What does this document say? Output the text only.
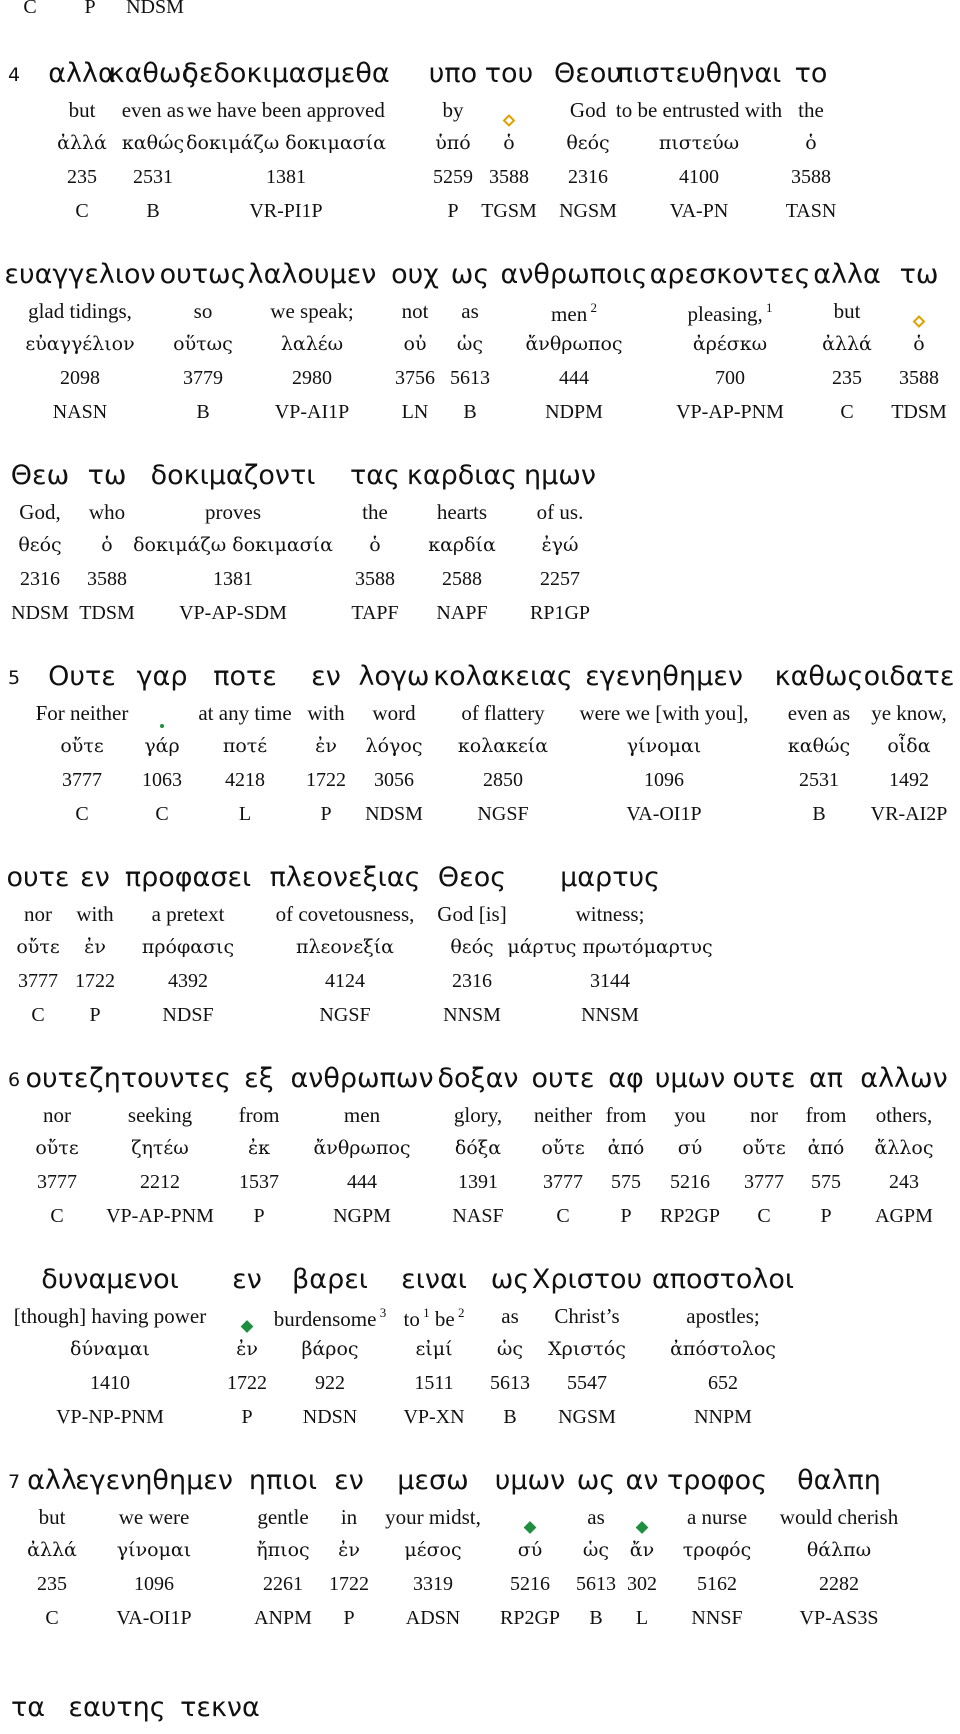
C P NDSM
4 αλλα
but
ἀλλά
235
C
καθως
even as
καθώς
2531
B
δεδοκιμασμεθα
we have been approved
δοκιμάζω δοκιμασία
1381
VR-PI1P
υπο
by
ὑπό
5259
P
του
ὁ
3588
TGSM
Θεου
God
θεός
2316
NGSM
πιστευθηναι
to be entrusted with
πιστεύω
4100
VA-PN
το
the
ὁ
3588
TASN
ευαγγελιον
glad tidings,
εὐαγγέλιον
2098
NASN
ουτως
so
οὕτως
3779
B
λαλουμεν
we speak;
λαλέω
2980
VP-AI1P
ουχ
not
οὐ
3756
LN
ως
as
ὡς
5613
B
ανθρωποις
men $^2$
ἄνθρωπος
444
NDPM
αρεσκοντες
pleasing, $^1$
ἀρέσκω
700
VP-AP-PNM
αλλα
but
ἀλλά
235
C
τω
ὁ
3588
TDSM
Θεω
God,
θεός
2316
NDSM
τω
who
ὁ
3588
TDSM
δοκιμαζοντι
proves
δοκιμάζω δοκιμασία
1381
VP-AP-SDM
τας
the
ὁ
3588
TAPF
καρδιας
hearts
καρδία
2588
NAPF
ημων
of us.
ἐγώ
2257
RP1GP
5 Ουτε
For neither
οὔτε
3777
C
γαρ
γάρ
1063
C
ποτε
at any time
ποτέ
4218
L
εν
with
ἐν
1722
P
λογω
word
λόγος
3056
NDSM
κολακειας
of flattery
κολακεία
2850
NGSF
εγενηθημεν
were we [with you],
γίνομαι
1096
VA-OI1P
καθως
even as
καθώς
2531
B
οιδατε
ye know,
οἶδα
1492
VR-AI2P
ουτε
nor
οὔτε
3777
C
εν
with
ἐν
1722
P
προφασει
a pretext
πρόφασις
4392
NDSF
πλεονεξιας
of covetousness,
πλεονεξία
4124
NGSF
Θεος
God [is]
θεός
2316
NNSM
μαρτυς
witness;
μάρτυς πρωτόμαρτυς
3144
NNSM
6 ουτε
nor
οὔτε
3777
C
ζητουντες
seeking
ζητέω
2212
VP-AP-PNM
εξ
from
ἐκ
1537
P
ανθρωπων
men
ἄνθρωπος
444
NGPM
δοξαν
glory,
δόξα
1391
NASF
ουτε
neither
οὔτε
3777
C
αφ
from
ἀπό
575
P
υμων
you
σύ
5216
RP2GP
ουτε
nor
οὔτε
3777
C
απ
from
ἀπό
575
P
αλλων
others,
ἄλλος
243
AGPM
δυναμενοι
[though] having power
δύναμαι
1410
VP-NP-PNM
εν
ἐν
1722
P
βαρει
burdensome $^3$
βάρος
922
NDSN
ειναι
to $^1$ be $^2$
εἰμί
1511
VP-XN
ως
as
ὡς
5613
B
Χριστου
Christ’s
Χριστός
5547
NGSM
αποστολοι
apostles;
ἀπόστολος
652
NNPM
7 αλλ
but
ἀλλά
235
C
εγενηθημεν
we were
γίνομαι
1096
VA-OI1P
ηπιοι
gentle
ἤπιος
2261
ANPM
εν
in
ἐν
1722
P
μεσω
your midst,
μέσος
3319
ADSN
υμων
σύ
5216
RP2GP
ως
as
ὡς
5613
B
αν
ἄν
302
L
τροφος
a nurse
τροφός
5162
NNSF
θαλπη
would cherish
θάλπω
2282
VP-AS3S
τα εαυτης τεκνα
